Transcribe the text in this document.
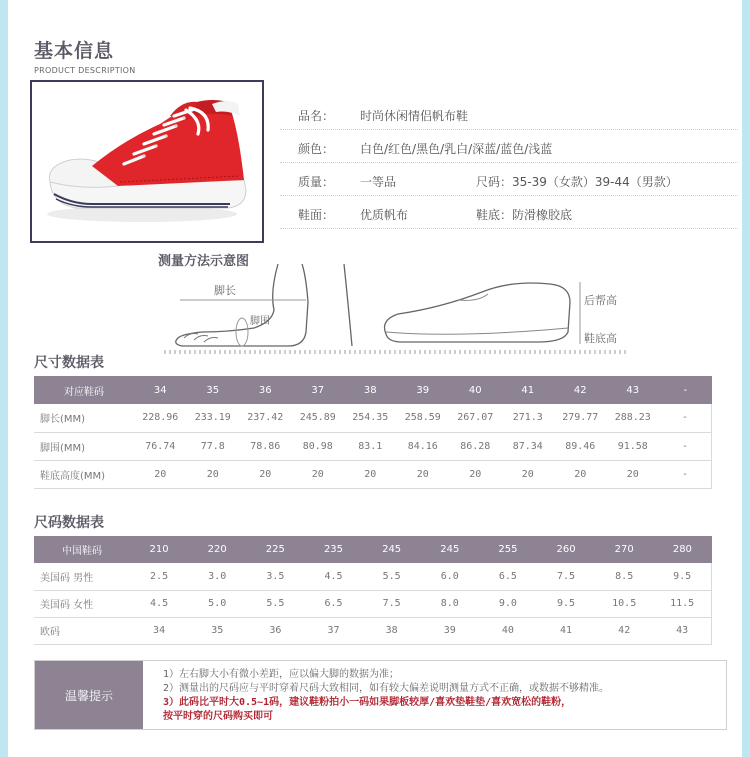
基本信息
PRODUCT DESCRIPTION
品名： 时尚休闲情侣帆布鞋
颜色： 白色/红色/黑色/乳白/深蓝/蓝色/浅蓝
质量： 一等品	尺码：35-39（女款）39-44（男款）
鞋面： 优质帆布	鞋底：防滑橡胶底
测量方法示意图
脚长
脚围
后帮高
鞋底高
尺寸数据表
对应鞋码	34	35	36	37	38	39	40	41	42	43	-
脚长(MM)	228.96	233.19	237.42	245.89	254.35	258.59	267.07	271.3	279.77	288.23	-
脚围(MM)	76.74	77.8	78.86	80.98	83.1	84.16	86.28	87.34	89.46	91.58	-
鞋底高度(MM)	20	20	20	20	20	20	20	20	20	20	-
尺码数据表
中国鞋码	210	220	225	235	245	245	255	260	270	280
美国码 男性	2.5	3.0	3.5	4.5	5.5	6.0	6.5	7.5	8.5	9.5
美国码 女性	4.5	5.0	5.5	6.5	7.5	8.0	9.0	9.5	10.5	11.5
欧码	34	35	36	37	38	39	40	41	42	43
温馨提示
1）左右脚大小有微小差距，应以偏大脚的数据为准；
2）测量出的尺码应与平时穿着尺码大致相同，如有较大偏差说明测量方式不正确，或数据不够精准。
3）此码比平时大0.5~1码，建议鞋粉拍小一码如果脚板较厚/喜欢垫鞋垫/喜欢宽松的鞋粉，
按平时穿的尺码购买即可
